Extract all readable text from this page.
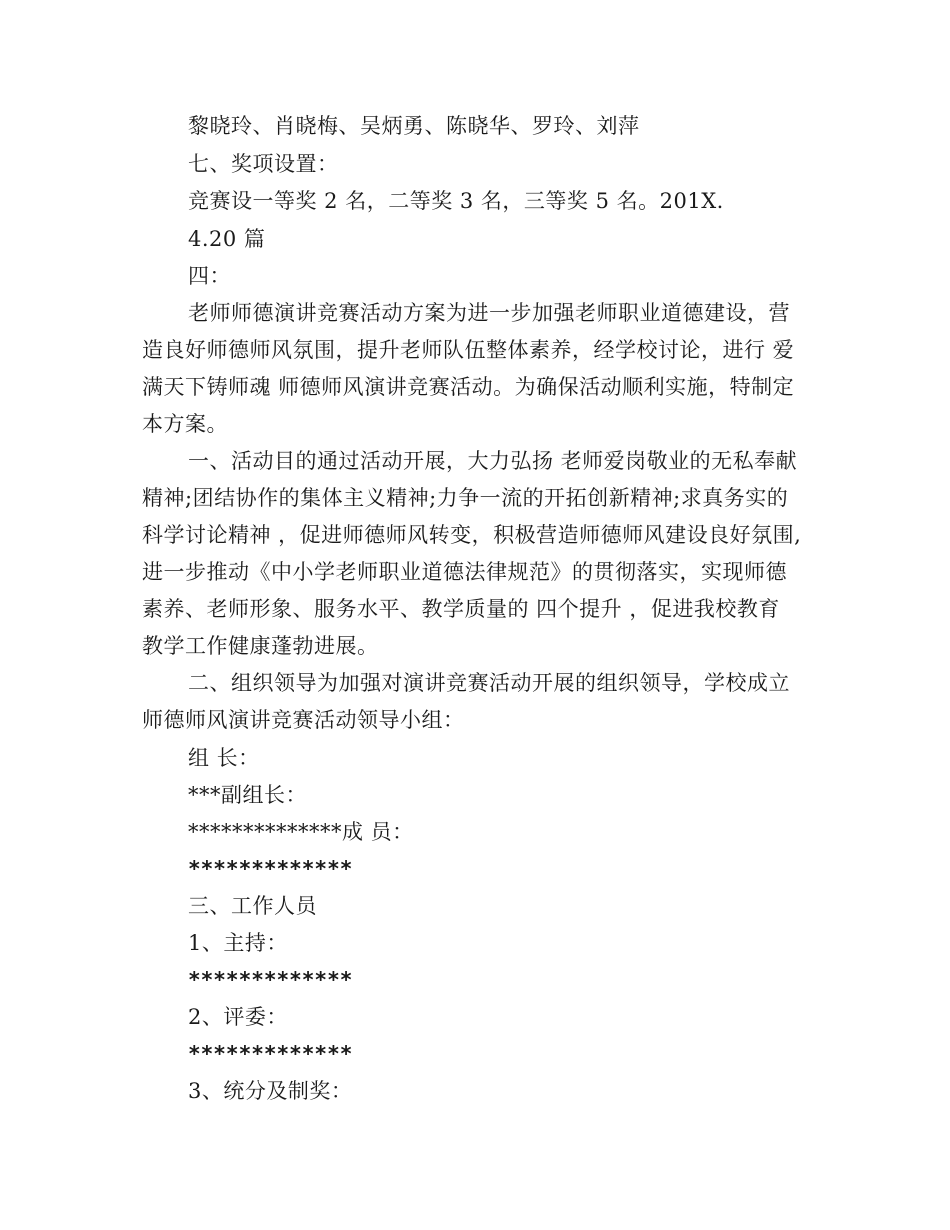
黎晓玲、肖晓梅、吴炳勇、陈晓华、罗玲、刘萍

七、奖项设置：

竞赛设一等奖 2 名，二等奖 3 名，三等奖 5 名。201X.

4.20 篇

四：

老师师德演讲竞赛活动方案为进一步加强老师职业道德建设，营

造良好师德师风氛围，提升老师队伍整体素养，经学校讨论，进行 爱

满天下铸师魂 师德师风演讲竞赛活动。为确保活动顺利实施，特制定

本方案。

一、活动目的通过活动开展，大力弘扬 老师爱岗敬业的无私奉献

精神;团结协作的集体主义精神;力争一流的开拓创新精神;求真务实的

科学讨论精神 ，促进师德师风转变，积极营造师德师风建设良好氛围,

进一步推动《中小学老师职业道德法律规范》的贯彻落实，实现师德

素养、老师形象、服务水平、教学质量的 四个提升 ，促进我校教育

教学工作健康蓬勃进展。

二、组织领导为加强对演讲竞赛活动开展的组织领导，学校成立

师德师风演讲竞赛活动领导小组：

组 长：

***副组长：

**************成 员：

*************

三、工作人员

1、主持：

*************

2、评委：

*************

3、统分及制奖：
